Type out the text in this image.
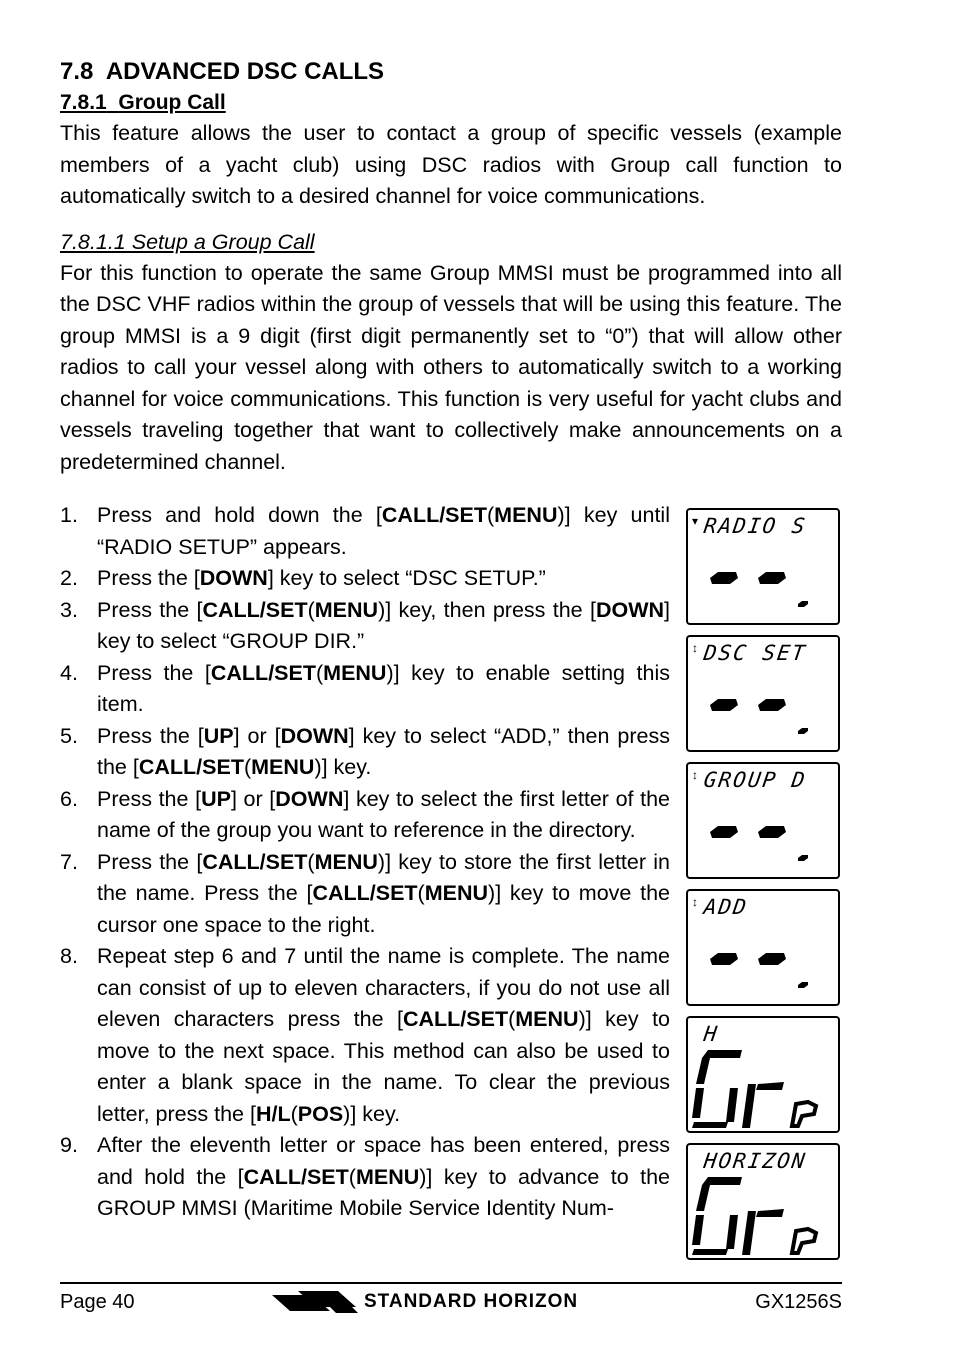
7.8 ADVANCED DSC CALLS
7.8.1 Group Call

This feature allows the user to contact a group of specific vessels (example members of a yacht club) using DSC radios with Group call function to automatically switch to a desired channel for voice communications.

7.8.1.1 Setup a Group Call

For this function to operate the same Group MMSI must be programmed into all the DSC VHF radios within the group of vessels that will be using this feature. The group MMSI is a 9 digit (first digit permanently set to “0”) that will allow other radios to call your vessel along with others to automatically switch to a working channel for voice communications. This function is very useful for yacht clubs and vessels traveling together that want to collectively make announcements on a predetermined channel.

1. Press and hold down the [CALL/SET(MENU)] key until “RADIO SETUP” appears.
2. Press the [DOWN] key to select “DSC SETUP.”
3. Press the [CALL/SET(MENU)] key, then press the [DOWN] key to select “GROUP DIR.”
4. Press the [CALL/SET(MENU)] key to enable setting this item.
5. Press the [UP] or [DOWN] key to select “ADD,” then press the [CALL/SET(MENU)] key.
6. Press the [UP] or [DOWN] key to select the first letter of the name of the group you want to reference in the directory.
7. Press the [CALL/SET(MENU)] key to store the first letter in the name. Press the [CALL/SET(MENU)] key to move the cursor one space to the right.
8. Repeat step 6 and 7 until the name is complete. The name can consist of up to eleven characters, if you do not use all eleven characters press the [CALL/SET(MENU)] key to move to the next space. This method can also be used to enter a blank space in the name. To clear the previous letter, press the [H/L(POS)] key.
9. After the eleventh letter or space has been entered, press and hold the [CALL/SET(MENU)] key to advance to the GROUP MMSI (Maritime Mobile Service Identity Num-
▾ RADIO S
↕ DSC SET
↕ GROUP D
↕ ADD
H
HORIZON
Page 40	STANDARD HORIZON	GX1256S
